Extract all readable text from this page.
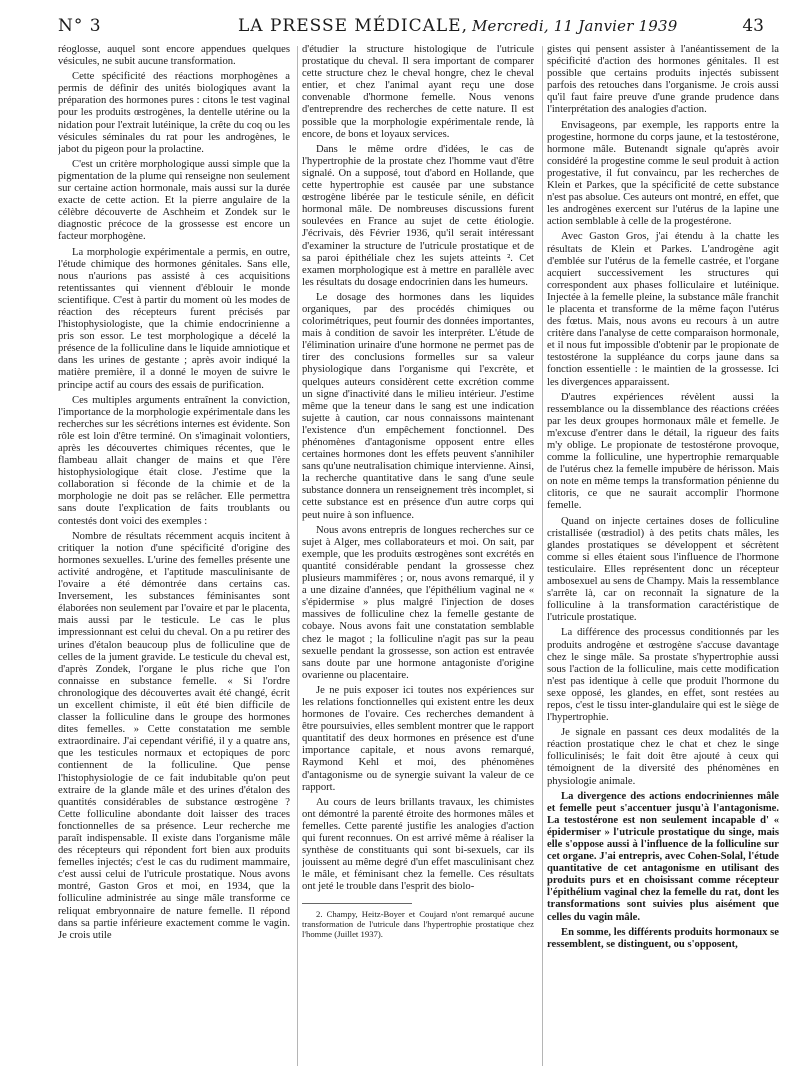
N° 3	LA PRESSE MÉDICALE, Mercredi, 11 Janvier 1939	43

réoglosse, auquel sont encore appendues quelques vésicules, ne subit aucune transformation.

Cette spécificité des réactions morphogènes a permis de définir des unités biologiques avant la préparation des hormones pures : citons le test vaginal pour les produits œstrogènes, la dentelle utérine ou la nidation pour l'extrait lutéinique, la crête du coq ou les vésicules séminales du rat pour les androgènes, le jabot du pigeon pour la prolactine.

C'est un critère morphologique aussi simple que la pigmentation de la plume qui renseigne non seulement sur certaine action hormonale, mais aussi sur la durée exacte de cette action. Et la pierre angulaire de la célèbre découverte de Aschheim et Zondek sur le diagnostic précoce de la grossesse est encore un facteur morphogène.

La morphologie expérimentale a permis, en outre, l'étude chimique des hormones génitales. Sans elle, nous n'aurions pas assisté à ces acquisitions retentissantes qui viennent d'éblouir le monde scientifique. C'est à partir du moment où les modes de réaction des récepteurs furent précisés par l'histophysiologiste, que la chimie endocrinienne a pris son essor. Le test morphologique a décelé la présence de la folliculine dans le liquide amniotique et dans les urines de gestante ; après avoir indiqué la matière première, il a donné le moyen de suivre le principe actif au cours des essais de purification.

Ces multiples arguments entraînent la conviction, l'importance de la morphologie expérimentale dans les recherches sur les sécrétions internes est évidente. Son rôle est loin d'être terminé. On s'imaginait volontiers, après les découvertes chimiques récentes, que le flambeau allait changer de mains et que l'ère histophysiologique était close. J'estime que la collaboration si féconde de la chimie et de la morphologie ne doit pas se relâcher. Elle permettra sans doute l'explication de faits troublants ou contestés dont voici des exemples :

Nombre de résultats récemment acquis incitent à critiquer la notion d'une spécificité d'origine des hormones sexuelles. L'urine des femelles présente une activité androgène, et l'aptitude masculinisante de l'ovaire a été démontrée dans certains cas. Inversement, les substances féminisantes sont élaborées non seulement par l'ovaire et par le placenta, mais aussi par le testicule. Le cas le plus impressionnant est celui du cheval. On a pu retirer des urines d'étalon beaucoup plus de folliculine que de celles de la jument gravide. Le testicule du cheval est, d'après Zondek, l'organe le plus riche que l'on connaisse en substance femelle. « Si l'ordre chronologique des découvertes avait été changé, écrit un excellent chimiste, il eût été bien difficile de classer la folliculine dans le groupe des hormones dites femelles. » Cette constatation me semble extraordinaire. J'ai cependant vérifié, il y a quatre ans, que les testicules normaux et ectopiques de porc contiennent de la folliculine. Que pense l'histophysiologie de ce fait indubitable qu'on peut extraire de la glande mâle et des urines d'étalon des quantités considérables de substance œstrogène ? Cette folliculine abondante doit laisser des traces fonctionnelles de sa présence. Leur recherche me paraît indispensable. Il existe dans l'organisme mâle des récepteurs qui répondent fort bien aux produits femelles injectés; c'est le cas du rudiment mammaire, c'est aussi celui de l'utricule prostatique. Nous avons montré, Gaston Gros et moi, en 1934, que la folliculine administrée au singe mâle transforme ce reliquat embryonnaire de nature femelle. Il répond dans sa partie inférieure exactement comme le vagin. Je crois utile

d'étudier la structure histologique de l'utricule prostatique du cheval. Il sera important de comparer cette structure chez le cheval hongre, chez le cheval entier, et chez l'animal ayant reçu une dose convenable d'hormone femelle. Nous venons d'entreprendre des recherches de cette nature. Il est possible que la morphologie expérimentale rende, là encore, de bons et loyaux services.

Dans le même ordre d'idées, le cas de l'hypertrophie de la prostate chez l'homme vaut d'être signalé. On a supposé, tout d'abord en Hollande, que cette hypertrophie est causée par une substance œstrogène libérée par le testicule sénile, en déficit hormonal mâle. De nombreuses discussions furent soulevées en France au sujet de cette étiologie. J'écrivais, dès Février 1936, qu'il serait intéressant d'examiner la structure de l'utricule prostatique et de sa paroi épithéliale chez les sujets atteints ². Cet examen morphologique est à mettre en parallèle avec les résultats du dosage endocrinien dans les humeurs.

Le dosage des hormones dans les liquides organiques, par des procédés chimiques ou colorimétriques, peut fournir des données importantes, mais à condition de savoir les interpréter. L'étude de l'élimination urinaire d'une hormone ne permet pas de tirer des conclusions formelles sur sa valeur physiologique dans l'organisme qui l'excrète, et quelques auteurs considèrent cette excrétion comme un signe d'inactivité dans le milieu intérieur. J'estime même que la teneur dans le sang est une indication sujette à caution, car nous connaissons maintenant l'existence d'un empêchement fonctionnel. Des phénomènes d'antagonisme opposent entre elles certaines hormones dont les effets peuvent s'annihiler sans qu'une neutralisation chimique intervienne. Ainsi, la recherche quantitative dans le sang d'une seule substance donnera un renseignement très incomplet, si cette substance est en présence d'un autre corps qui peut nuire à son influence.

Nous avons entrepris de longues recherches sur ce sujet à Alger, mes collaborateurs et moi. On sait, par exemple, que les produits œstrogènes sont excrétés en quantité considérable pendant la grossesse chez plusieurs mammifères ; or, nous avons remarqué, il y a une dizaine d'années, que l'épithélium vaginal ne « s'épidermise » plus malgré l'injection de doses massives de folliculine chez la femelle gestante de cobaye. Nous avons fait une constatation semblable chez le magot ; la folliculine n'agit pas sur la peau sexuelle pendant la grossesse, son action est entravée sans doute par une hormone antagoniste d'origine ovarienne ou placentaire.

Je ne puis exposer ici toutes nos expériences sur les relations fonctionnelles qui existent entre les deux hormones de l'ovaire. Ces recherches demandent à être poursuivies, elles semblent montrer que le rapport quantitatif des deux hormones en présence est d'une importance capitale, et nous avons remarqué, Raymond Kehl et moi, des phénomènes d'antagonisme ou de synergie suivant la valeur de ce rapport.

Au cours de leurs brillants travaux, les chimistes ont démontré la parenté étroite des hormones mâles et femelles. Cette parenté justifie les analogies d'action qui furent reconnues. On est arrivé même à réaliser la synthèse de constituants qui sont bi-sexuels, car ils jouissent au même degré d'un effet masculinisant chez le mâle, et féminisant chez la femelle. Ces résultats ont jeté le trouble dans l'esprit des biolo-

2. Champy, Heitz-Boyer et Coujard n'ont remarqué aucune transformation de l'utricule dans l'hypertrophie prostatique chez l'homme (Juillet 1937).

gistes qui pensent assister à l'anéantissement de la spécificité d'action des hormones génitales. Il est possible que certains produits injectés subissent parfois des retouches dans l'organisme. Je crois aussi qu'il faut faire preuve d'une grande prudence dans l'interprétation des analogies d'action.

Envisageons, par exemple, les rapports entre la progestine, hormone du corps jaune, et la testostérone, hormone mâle. Butenandt signale qu'après avoir considéré la progestine comme le seul produit à action progestative, il fut convaincu, par les recherches de Klein et Parkes, que la spécificité de cette substance n'est pas absolue. Ces auteurs ont montré, en effet, que les androgènes exercent sur l'utérus de la lapine une action semblable à celle de la progestérone.

Avec Gaston Gros, j'ai étendu à la chatte les résultats de Klein et Parkes. L'androgène agit d'emblée sur l'utérus de la femelle castrée, et l'organe acquiert successivement les structures qui correspondent aux phases folliculaire et lutéinique. Injectée à la femelle pleine, la substance mâle franchit le placenta et transforme de la même façon l'utérus des fœtus. Mais, nous avons eu recours à un autre critère dans l'analyse de cette comparaison hormonale, et il nous fut impossible d'obtenir par le propionate de testostérone la suppléance du corps jaune dans sa fonction essentielle : le maintien de la grossesse. Ici les divergences apparaissent.

D'autres expériences révèlent aussi la ressemblance ou la dissemblance des réactions créées par les deux groupes hormonaux mâle et femelle. Je m'excuse d'entrer dans le détail, la rigueur des faits m'y oblige. Le propionate de testostérone provoque, comme la folliculine, une hypertrophie remarquable de l'utérus chez la femelle impubère de hérisson. Mais on note en même temps la transformation pénienne du clitoris, ce que ne saurait accomplir l'hormone femelle.

Quand on injecte certaines doses de folliculine cristallisée (œstradiol) à des petits chats mâles, les glandes prostatiques se développent et sécrètent comme si elles étaient sous l'influence de l'hormone testiculaire. Elles représentent donc un récepteur ambosexuel au sens de Champy. Mais la ressemblance s'arrête là, car on reconnaît la signature de la folliculine à la transformation caractéristique de l'utricule prostatique.

La différence des processus conditionnés par les produits androgène et œstrogène s'accuse davantage chez le singe mâle. Sa prostate s'hypertrophie aussi sous l'action de la folliculine, mais cette modification n'est pas identique à celle que produit l'hormone du sexe opposé, les glandes, en effet, sont restées au repos, c'est le tissu inter-glandulaire qui est le siège de l'hypertrophie.

Je signale en passant ces deux modalités de la réaction prostatique chez le chat et chez le singe folliculinisés; le fait doit être ajouté à ceux qui témoignent de la diversité des phénomènes en physiologie animale.

La divergence des actions endocriniennes mâle et femelle peut s'accentuer jusqu'à l'antagonisme. La testostérone est non seulement incapable d' « épidermiser » l'utricule prostatique du singe, mais elle s'oppose aussi à l'influence de la folliculine sur cet organe. J'ai entrepris, avec Cohen-Solal, l'étude quantitative de cet antagonisme en utilisant des produits purs et en choisissant comme récepteur l'épithélium vaginal chez la femelle du rat, dont les transformations sont suivies plus aisément que celles du vagin mâle.

En somme, les différents produits hormonaux se ressemblent, se distinguent, ou s'opposent,
